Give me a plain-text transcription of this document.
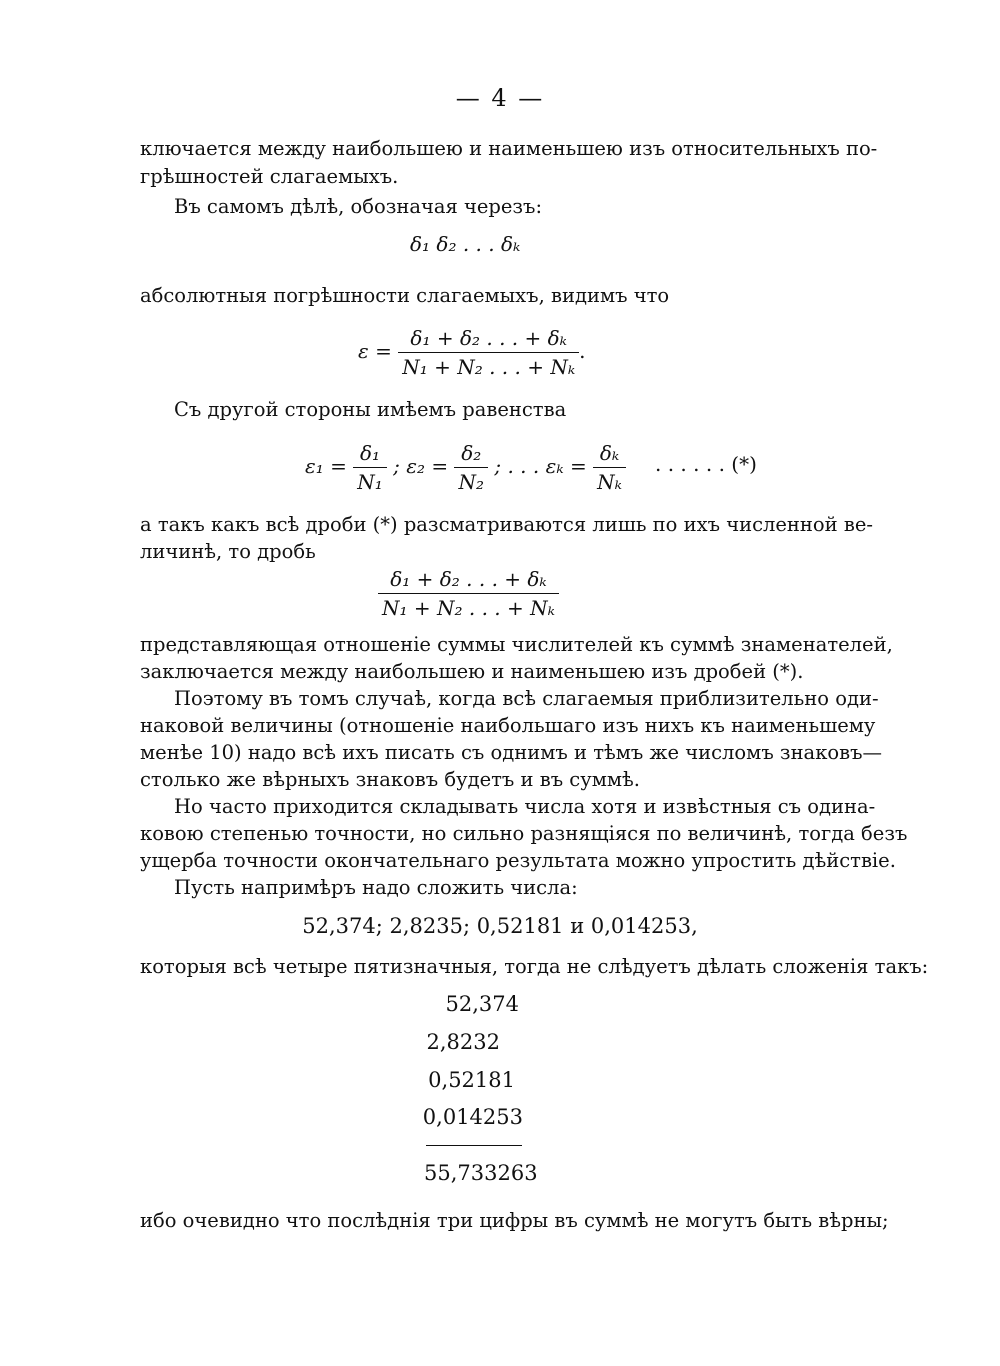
— 4 —
ключается между наибольшею и наименьшею изъ относительныхъ по-
грѣшностей слагаемыхъ.
Въ самомъ дѣлѣ, обозначая черезъ:
δ₁ δ₂ . . . δₖ
абсолютныя погрѣшности слагаемыхъ, видимъ что
$\varepsilon = \frac{\text{δ₁ + δ₂ . . . + δₖ}}{\text{N₁ + N₂ . . . + Nₖ}}$ .
Съ другой стороны имѣемъ равенства
$\varepsilon_1 = \frac{\text{δ₁}}{\text{N₁}}$ ; $\varepsilon_2 = \frac{\text{δ₂}}{\text{N₂}}$ ; . . . $\varepsilon_k = \frac{\text{δₖ}}{\text{Nₖ}}$ . . . . . . (*)
а такъ какъ всѣ дроби (*) разсматриваются лишь по ихъ численной ве-
личинѣ, то дробь
$\frac{\text{δ₁ + δ₂ . . . + δₖ}}{\text{N₁ + N₂ . . . + Nₖ}}$
представляющая отношеніе суммы числителей къ суммѣ знаменателей,
заключается между наибольшею и наименьшею изъ дробей (*).
Поэтому въ томъ случаѣ, когда всѣ слагаемыя приблизительно оди-
наковой величины (отношеніе наибольшаго изъ нихъ къ наименьшему
менѣе 10) надо всѣ ихъ писать съ однимъ и тѣмъ же числомъ знаковъ—
столько же вѣрныхъ знаковъ будетъ и въ суммѣ.
Но часто приходится складывать числа хотя и извѣстныя съ одина-
ковою степенью точности, но сильно разнящіяся по величинѣ, тогда безъ
ущерба точности окончательнаго результата можно упростить дѣйствіе.
Пусть напримѣръ надо сложить числа:
52,374; 2,8235; 0,52181 и 0,014253,
которыя всѣ четыре пятизначныя, тогда не слѣдуетъ дѣлать сложенія такъ:
52,374
2,8232
0,52181
0,014253
55,733263
ибо очевидно что послѣднія три цифры въ суммѣ не могутъ быть вѣрны;
